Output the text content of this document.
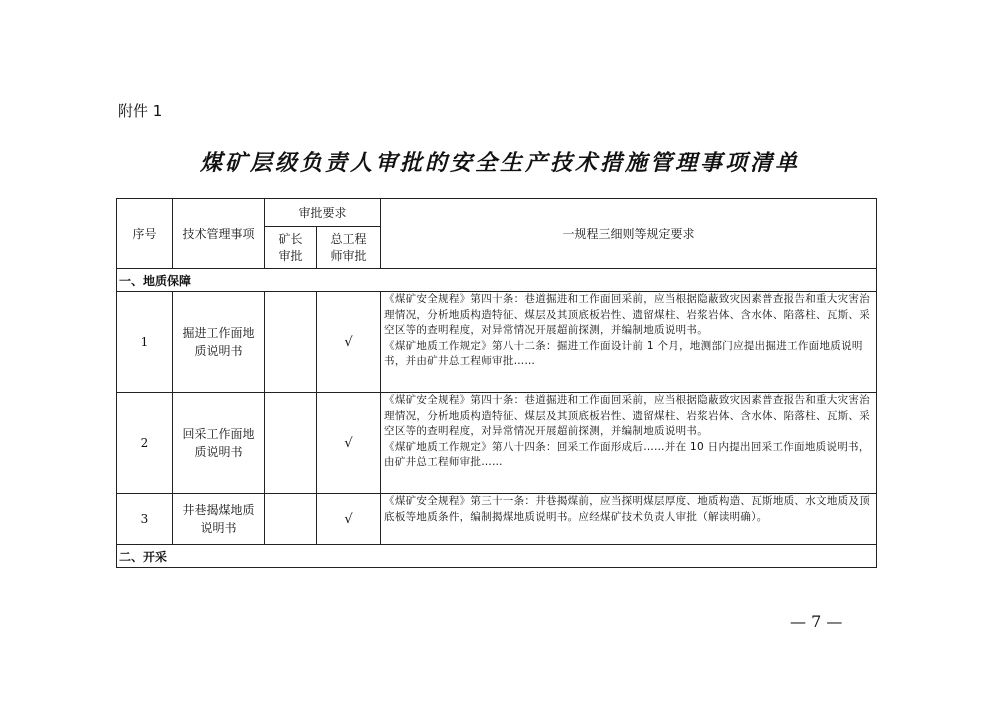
附件 1
煤矿层级负责人审批的安全生产技术措施管理事项清单
序号	技术管理事项	审批要求		一规程三细则等规定要求
		矿长审批	总工程师审批	
一、地质保障				
1	掘进工作面地质说明书		√	《煤矿安全规程》第四十条：巷道掘进和工作面回采前，应当根据隐蔽致灾因素普查报告和重大灾害治理情况，分析地质构造特征、煤层及其顶底板岩性、遗留煤柱、岩浆岩体、含水体、陷落柱、瓦斯、采空区等的查明程度，对异常情况开展超前探测，并编制地质说明书。
《煤矿地质工作规定》第八十二条：掘进工作面设计前 1 个月，地测部门应提出掘进工作面地质说明书，并由矿井总工程师审批……

2	回采工作面地质说明书		√	《煤矿安全规程》第四十条：巷道掘进和工作面回采前，应当根据隐蔽致灾因素普查报告和重大灾害治理情况，分析地质构造特征、煤层及其顶底板岩性、遗留煤柱、岩浆岩体、含水体、陷落柱、瓦斯、采空区等的查明程度，对异常情况开展超前探测，并编制地质说明书。
《煤矿地质工作规定》第八十四条：回采工作面形成后……并在 10 日内提出回采工作面地质说明书，由矿井总工程师审批……

3	井巷揭煤地质说明书		√	《煤矿安全规程》第三十一条：井巷揭煤前，应当探明煤层厚度、地质构造、瓦斯地质、水文地质及顶底板等地质条件，编制揭煤地质说明书。应经煤矿技术负责人审批（解读明确）。

二、开采				
— 7 —
